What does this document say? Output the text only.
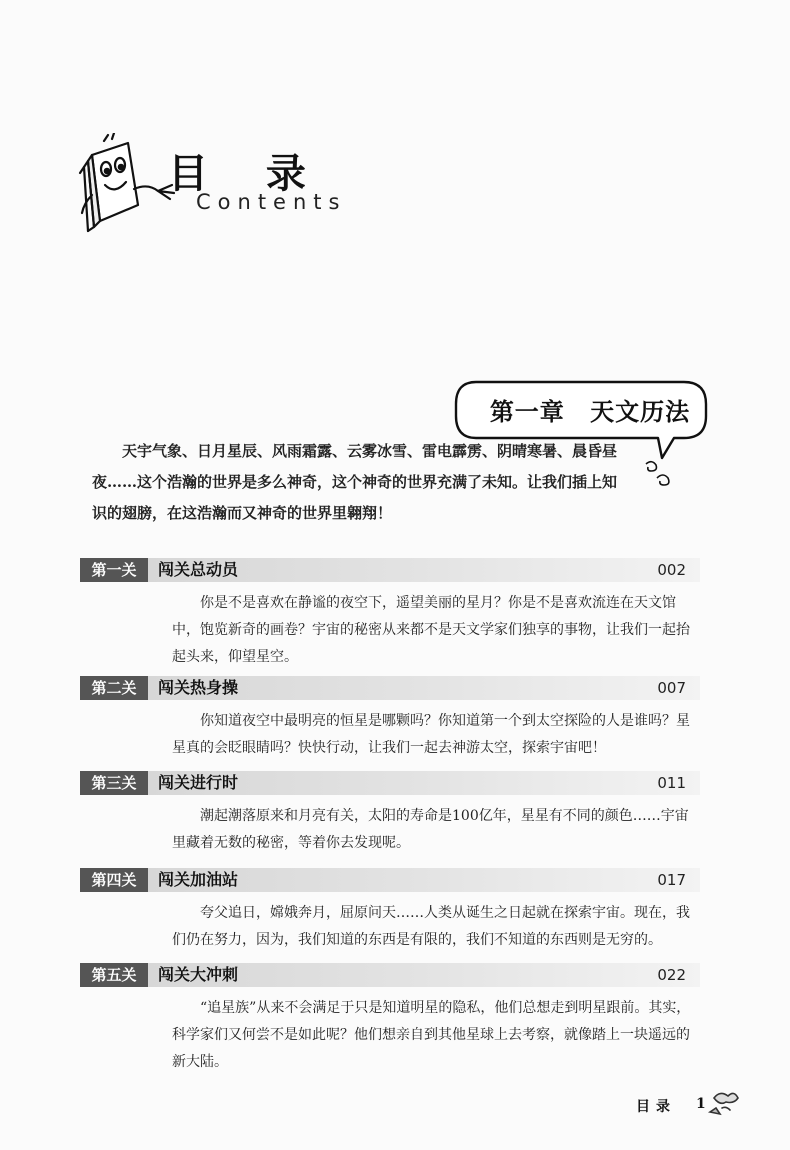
目 录
Contents
第一章 天文历法
天宇气象、日月星辰、风雨霜露、云雾冰雪、雷电霹雳、阴晴寒暑、晨昏昼夜……这个浩瀚的世界是多么神奇，这个神奇的世界充满了未知。让我们插上知识的翅膀，在这浩瀚而又神奇的世界里翱翔！
第一关	闯关总动员	002
你是不是喜欢在静谧的夜空下，遥望美丽的星月？你是不是喜欢流连在天文馆中，饱览新奇的画卷？宇宙的秘密从来都不是天文学家们独享的事物，让我们一起抬起头来，仰望星空。
第二关	闯关热身操	007
你知道夜空中最明亮的恒星是哪颗吗？你知道第一个到太空探险的人是谁吗？星星真的会眨眼睛吗？快快行动，让我们一起去神游太空，探索宇宙吧！
第三关	闯关进行时	011
潮起潮落原来和月亮有关，太阳的寿命是100亿年，星星有不同的颜色……宇宙里藏着无数的秘密，等着你去发现呢。
第四关	闯关加油站	017
夸父追日，嫦娥奔月，屈原问天……人类从诞生之日起就在探索宇宙。现在，我们仍在努力，因为，我们知道的东西是有限的，我们不知道的东西则是无穷的。
第五关	闯关大冲刺	022
“追星族”从来不会满足于只是知道明星的隐私，他们总想走到明星跟前。其实，科学家们又何尝不是如此呢？他们想亲自到其他星球上去考察，就像踏上一块遥远的新大陆。
目录 1
